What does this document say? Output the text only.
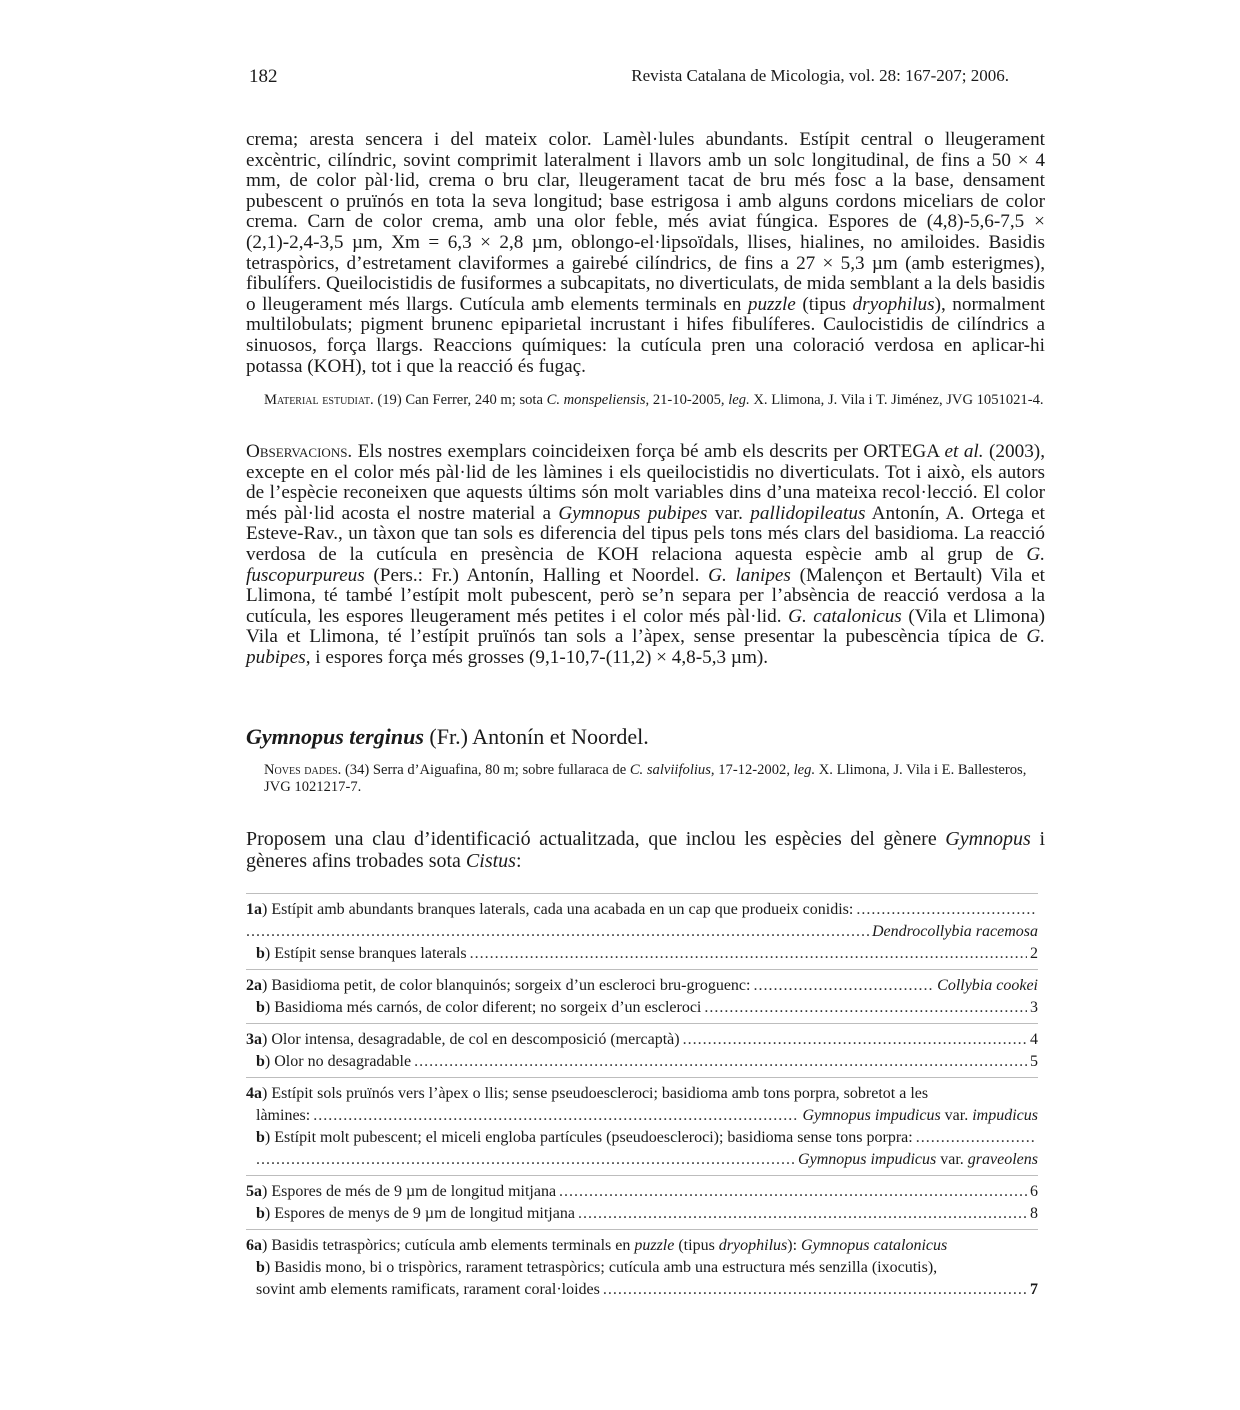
182	Revista Catalana de Micologia, vol. 28: 167-207; 2006.

crema; aresta sencera i del mateix color. Lamèl·lules abundants. Estípit central o lleugerament excèntric, cilíndric, sovint comprimit lateralment i llavors amb un solc longitudinal, de fins a 50 × 4 mm, de color pàl·lid, crema o bru clar, lleugerament tacat de bru més fosc a la base, densament pubescent o pruïnós en tota la seva longitud; base estrigosa i amb alguns cordons miceliars de color crema. Carn de color crema, amb una olor feble, més aviat fúngica. Espores de (4,8)-5,6-7,5 × (2,1)-2,4-3,5 µm, Xm = 6,3 × 2,8 µm, oblongo-el·lipsoïdals, llises, hialines, no amiloides. Basidis tetraspòrics, d’estretament claviformes a gairebé cilíndrics, de fins a 27 × 5,3 µm (amb esterigmes), fibulífers. Queilocistidis de fusiformes a subcapitats, no diverticulats, de mida semblant a la dels basidis o lleugerament més llargs. Cutícula amb elements terminals en puzzle (tipus dryophilus), normalment multilobulats; pigment brunenc epiparietal incrustant i hifes fibulíferes. Caulocistidis de cilíndrics a sinuosos, força llargs. Reaccions químiques: la cutícula pren una coloració verdosa en aplicar-hi potassa (KOH), tot i que la reacció és fugaç.

Material estudiat. (19) Can Ferrer, 240 m; sota C. monspeliensis, 21-10-2005, leg. X. Llimona, J. Vila i T. Jiménez, JVG 1051021-4.

Observacions. Els nostres exemplars coincideixen força bé amb els descrits per ORTEGA et al. (2003), excepte en el color més pàl·lid de les làmines i els queilocistidis no diverticulats. Tot i això, els autors de l’espècie reconeixen que aquests últims són molt variables dins d’una mateixa recol·lecció. El color més pàl·lid acosta el nostre material a Gymnopus pubipes var. pallidopileatus Antonín, A. Ortega et Esteve-Rav., un tàxon que tan sols es diferencia del tipus pels tons més clars del basidioma. La reacció verdosa de la cutícula en presència de KOH relaciona aquesta espècie amb al grup de G. fuscopurpureus (Pers.: Fr.) Antonín, Halling et Noordel. G. lanipes (Malençon et Bertault) Vila et Llimona, té també l’estípit molt pubescent, però se’n separa per l’absència de reacció verdosa a la cutícula, les espores lleugerament més petites i el color més pàl·lid. G. catalonicus (Vila et Llimona) Vila et Llimona, té l’estípit pruïnós tan sols a l’àpex, sense presentar la pubescència típica de G. pubipes, i espores força més grosses (9,1-10,7-(11,2) × 4,8-5,3 µm).

Gymnopus terginus (Fr.) Antonín et Noordel.

Noves dades. (34) Serra d’Aiguafina, 80 m; sobre fullaraca de C. salviifolius, 17-12-2002, leg. X. Llimona, J. Vila i E. Ballesteros, JVG 1021217-7.

Proposem una clau d’identificació actualitzada, que inclou les espècies del gènere Gymnopus i gèneres afins trobades sota Cistus:

1a) Estípit amb abundants branques laterals, cada una acabada en un cap que produeix conidis:
.....
.....
Dendrocollybia racemosa
b) Estípit sense branques laterals .....	2
2a) Basidioma petit, de color blanquinós; sorgeix d’un escleroci bru-groguenc: .....	Collybia cookei
b) Basidioma més carnós, de color diferent; no sorgeix d’un escleroci .....	3
3a) Olor intensa, desagradable, de col en descomposició (mercaptà) .....	4
b) Olor no desagradable .....	5
4a) Estípit sols pruïnós vers l’àpex o llis; sense pseudoescleroci; basidioma amb tons porpra, sobretot a les
làmines: .....	Gymnopus impudicus var. impudicus
b) Estípit molt pubescent; el miceli engloba partícules (pseudoescleroci); basidioma sense tons porpra:
.....
.....
Gymnopus impudicus var. graveolens
5a) Espores de més de 9 µm de longitud mitjana .....	6
b) Espores de menys de 9 µm de longitud mitjana .....	8
6a) Basidis tetraspòrics; cutícula amb elements terminals en puzzle (tipus dryophilus): Gymnopus catalonicus
b) Basidis mono, bi o trispòrics, rarament tetraspòrics; cutícula amb una estructura més senzilla (ixocutis),
sovint amb elements ramificats, rarament coral·loides .....	7
